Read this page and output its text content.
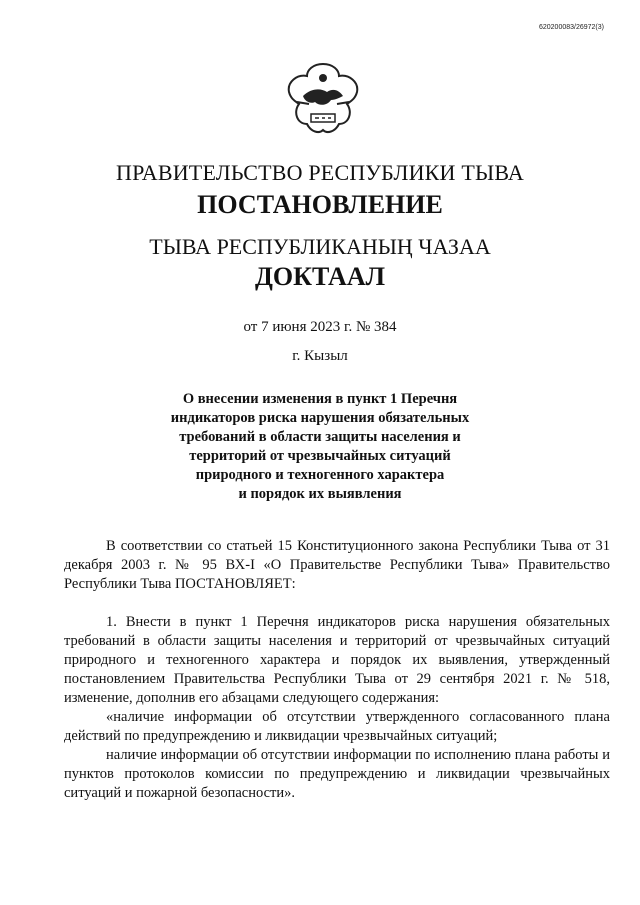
620200083/26972(3)
ПРАВИТЕЛЬСТВО РЕСПУБЛИКИ ТЫВА
ПОСТАНОВЛЕНИЕ
ТЫВА РЕСПУБЛИКАНЫҢ ЧАЗАА
ДОКТААЛ
от 7 июня 2023 г. № 384
г. Кызыл
О внесении изменения в пункт 1 Перечня
индикаторов риска нарушения обязательных
требований в области защиты населения и
территорий от чрезвычайных ситуаций
природного и техногенного характера
и порядок их выявления

В соответствии со статьей 15 Конституционного закона Республики Тыва от 31 декабря 2003 г. № 95 ВХ-I «О Правительстве Республики Тыва» Правительство Республики Тыва ПОСТАНОВЛЯЕТ:

1. Внести в пункт 1 Перечня индикаторов риска нарушения обязательных требований в области защиты населения и территорий от чрезвычайных ситуаций природного и техногенного характера и порядок их выявления, утвержденный постановлением Правительства Республики Тыва от 29 сентября 2021 г. № 518, изменение, дополнив его абзацами следующего содержания:

«наличие информации об отсутствии утвержденного согласованного плана действий по предупреждению и ликвидации чрезвычайных ситуаций;

наличие информации об отсутствии информации по исполнению плана работы и пунктов протоколов комиссии по предупреждению и ликвидации чрезвычайных ситуаций и пожарной безопасности».
